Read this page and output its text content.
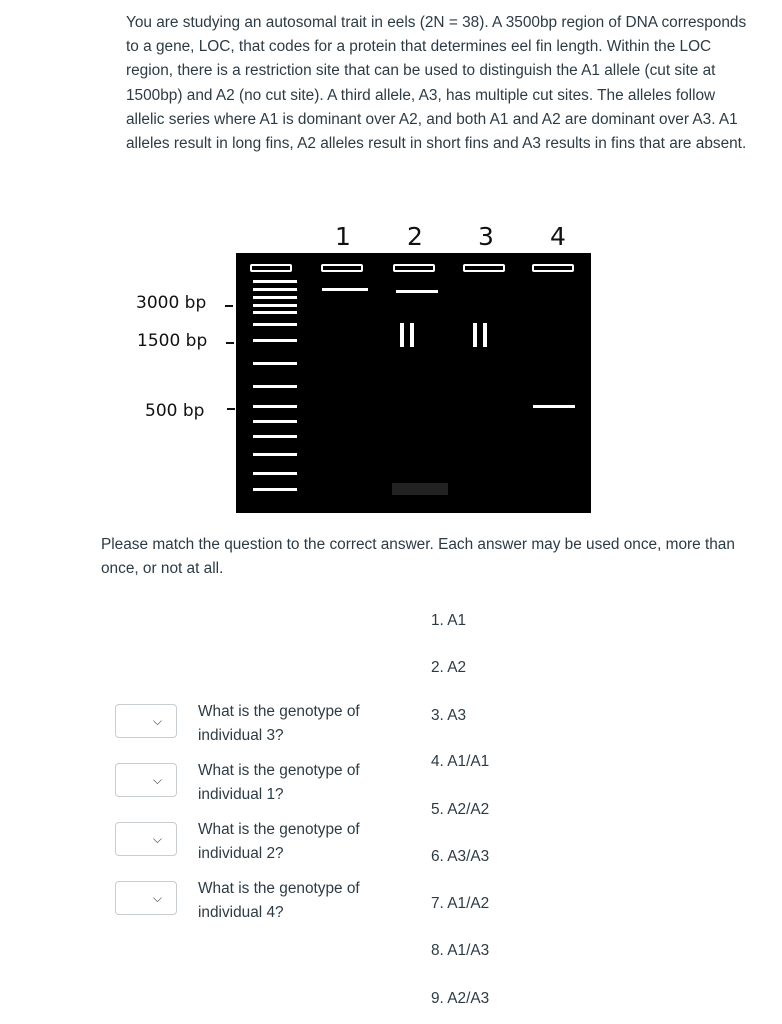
You are studying an autosomal trait in eels (2N = 38). A 3500bp region of DNA corresponds to a gene, LOC, that codes for a protein that determines eel fin length. Within the LOC region, there is a restriction site that can be used to distinguish the A1 allele (cut site at 1500bp) and A2 (no cut site). A third allele, A3, has multiple cut sites. The alleles follow allelic series where A1 is dominant over A2, and both A1 and A2 are dominant over A3. A1 alleles result in long fins, A2 alleles result in short fins and A3 results in fins that are absent.

1 2 3 4
3000 bp
1500 bp
500 bp

Please match the question to the correct answer. Each answer may be used once, more than once, or not at all.

1. A1
2. A2
3. A3
4. A1/A1
5. A2/A2
6. A3/A3
7. A1/A2
8. A1/A3
9. A2/A3
⌵
What is the genotype of individual 3?
⌵
What is the genotype of individual 1?
⌵
What is the genotype of individual 2?
⌵
What is the genotype of individual 4?
